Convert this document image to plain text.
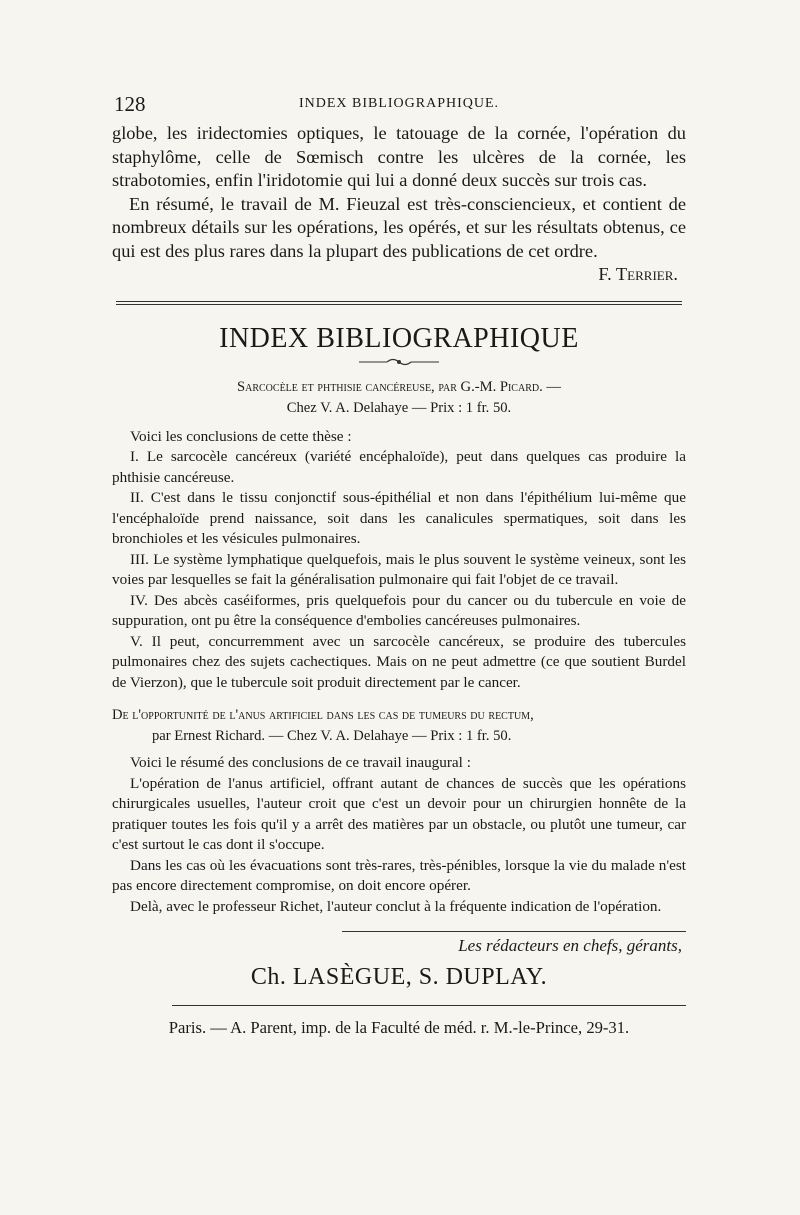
128	INDEX BIBLIOGRAPHIQUE.

globe, les iridectomies optiques, le tatouage de la cornée, l'opération du staphylôme, celle de Sœmisch contre les ulcères de la cornée, les strabotomies, enfin l'iridotomie qui lui a donné deux succès sur trois cas.

En résumé, le travail de M. Fieuzal est très-consciencieux, et contient de nombreux détails sur les opérations, les opérés, et sur les résultats obtenus, ce qui est des plus rares dans la plupart des publications de cet ordre.

F. Terrier.
INDEX BIBLIOGRAPHIQUE

Sarcocèle et phthisie cancéreuse, par G.-M. Picard. —
Chez V. A. Delahaye — Prix : 1 fr. 50.

Voici les conclusions de cette thèse :

I. Le sarcocèle cancéreux (variété encéphaloïde), peut dans quelques cas produire la phthisie cancéreuse.

II. C'est dans le tissu conjonctif sous-épithélial et non dans l'épithélium lui-même que l'encéphaloïde prend naissance, soit dans les canalicules spermatiques, soit dans les bronchioles et les vésicules pulmonaires.

III. Le système lymphatique quelquefois, mais le plus souvent le système veineux, sont les voies par lesquelles se fait la généralisation pulmonaire qui fait l'objet de ce travail.

IV. Des abcès caséiformes, pris quelquefois pour du cancer ou du tubercule en voie de suppuration, ont pu être la conséquence d'embolies cancéreuses pulmonaires.

V. Il peut, concurremment avec un sarcocèle cancéreux, se produire des tubercules pulmonaires chez des sujets cachectiques. Mais on ne peut admettre (ce que soutient Burdel de Vierzon), que le tubercule soit produit directement par le cancer.

De l'opportunité de l'anus artificiel dans les cas de tumeurs du rectum,
par Ernest Richard. — Chez V. A. Delahaye — Prix : 1 fr. 50.

Voici le résumé des conclusions de ce travail inaugural :

L'opération de l'anus artificiel, offrant autant de chances de succès que les opérations chirurgicales usuelles, l'auteur croit que c'est un devoir pour un chirurgien honnête de la pratiquer toutes les fois qu'il y a arrêt des matières par un obstacle, ou plutôt une tumeur, car c'est surtout le cas dont il s'occupe.

Dans les cas où les évacuations sont très-rares, très-pénibles, lorsque la vie du malade n'est pas encore directement compromise, on doit encore opérer.

Delà, avec le professeur Richet, l'auteur conclut à la fréquente indication de l'opération.

Les rédacteurs en chefs, gérants,

Ch. LASÈGUE, S. DUPLAY.

Paris. — A. Parent, imp. de la Faculté de méd. r. M.-le-Prince, 29-31.
